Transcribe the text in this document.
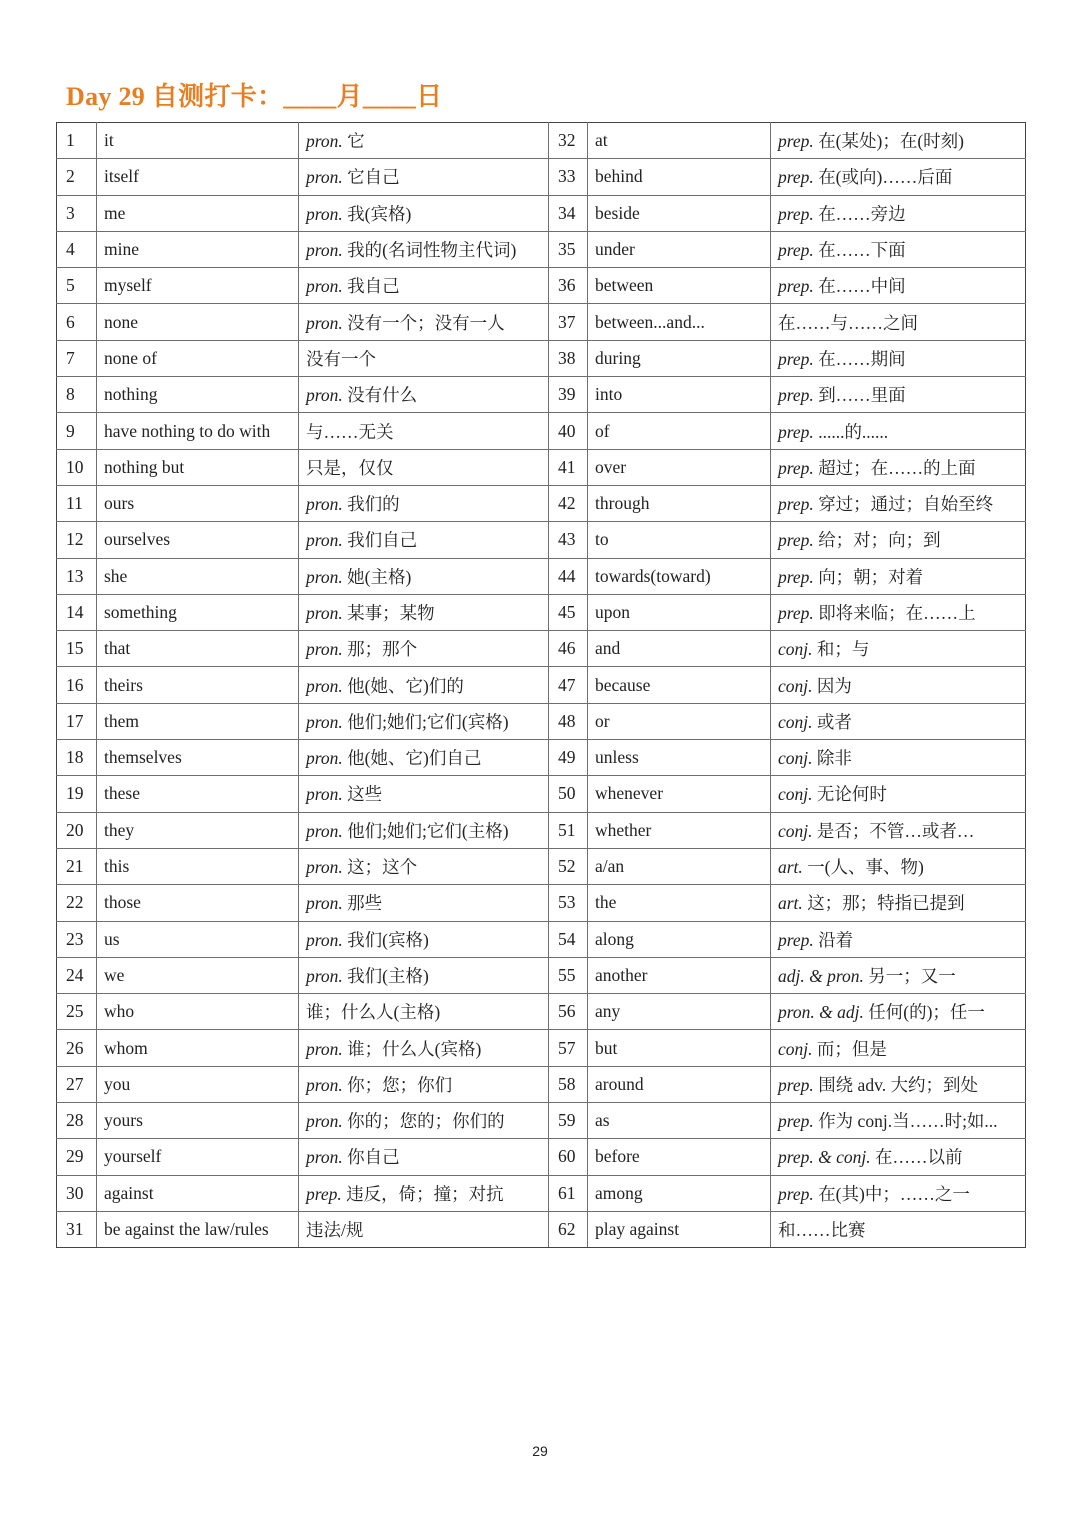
Day 29 自测打卡：____月____日
1	it	pron. 它	32	at	prep. 在(某处)；在(时刻)
2	itself	pron. 它自己	33	behind	prep. 在(或向)……后面
3	me	pron. 我(宾格)	34	beside	prep. 在……旁边
4	mine	pron. 我的(名词性物主代词)	35	under	prep. 在……下面
5	myself	pron. 我自己	36	between	prep. 在……中间
6	none	pron. 没有一个；没有一人	37	between...and...	在……与……之间
7	none of	没有一个	38	during	prep. 在……期间
8	nothing	pron. 没有什么	39	into	prep. 到……里面
9	have nothing to do with	与……无关	40	of	prep. ......的......
10	nothing but	只是，仅仅	41	over	prep. 超过；在……的上面
11	ours	pron. 我们的	42	through	prep. 穿过；通过；自始至终
12	ourselves	pron. 我们自己	43	to	prep. 给；对；向；到
13	she	pron. 她(主格)	44	towards(toward)	prep. 向；朝；对着
14	something	pron. 某事；某物	45	upon	prep. 即将来临；在……上
15	that	pron. 那；那个	46	and	conj. 和；与
16	theirs	pron. 他(她、它)们的	47	because	conj. 因为
17	them	pron. 他们;她们;它们(宾格)	48	or	conj. 或者
18	themselves	pron. 他(她、它)们自己	49	unless	conj. 除非
19	these	pron. 这些	50	whenever	conj. 无论何时
20	they	pron. 他们;她们;它们(主格)	51	whether	conj. 是否；不管…或者…
21	this	pron. 这；这个	52	a/an	art. 一(人、事、物)
22	those	pron. 那些	53	the	art. 这；那；特指已提到
23	us	pron. 我们(宾格)	54	along	prep. 沿着
24	we	pron. 我们(主格)	55	another	adj. & pron. 另一；又一
25	who	谁；什么人(主格)	56	any	pron. & adj. 任何(的)；任一
26	whom	pron. 谁；什么人(宾格)	57	but	conj. 而；但是
27	you	pron. 你；您；你们	58	around	prep. 围绕 adv. 大约；到处
28	yours	pron. 你的；您的；你们的	59	as	prep. 作为 conj.当……时;如...
29	yourself	pron. 你自己	60	before	prep. & conj. 在……以前
30	against	prep. 违反，倚；撞；对抗	61	among	prep. 在(其)中；……之一
31	be against the law/rules	违法/规	62	play against	和……比赛
29
